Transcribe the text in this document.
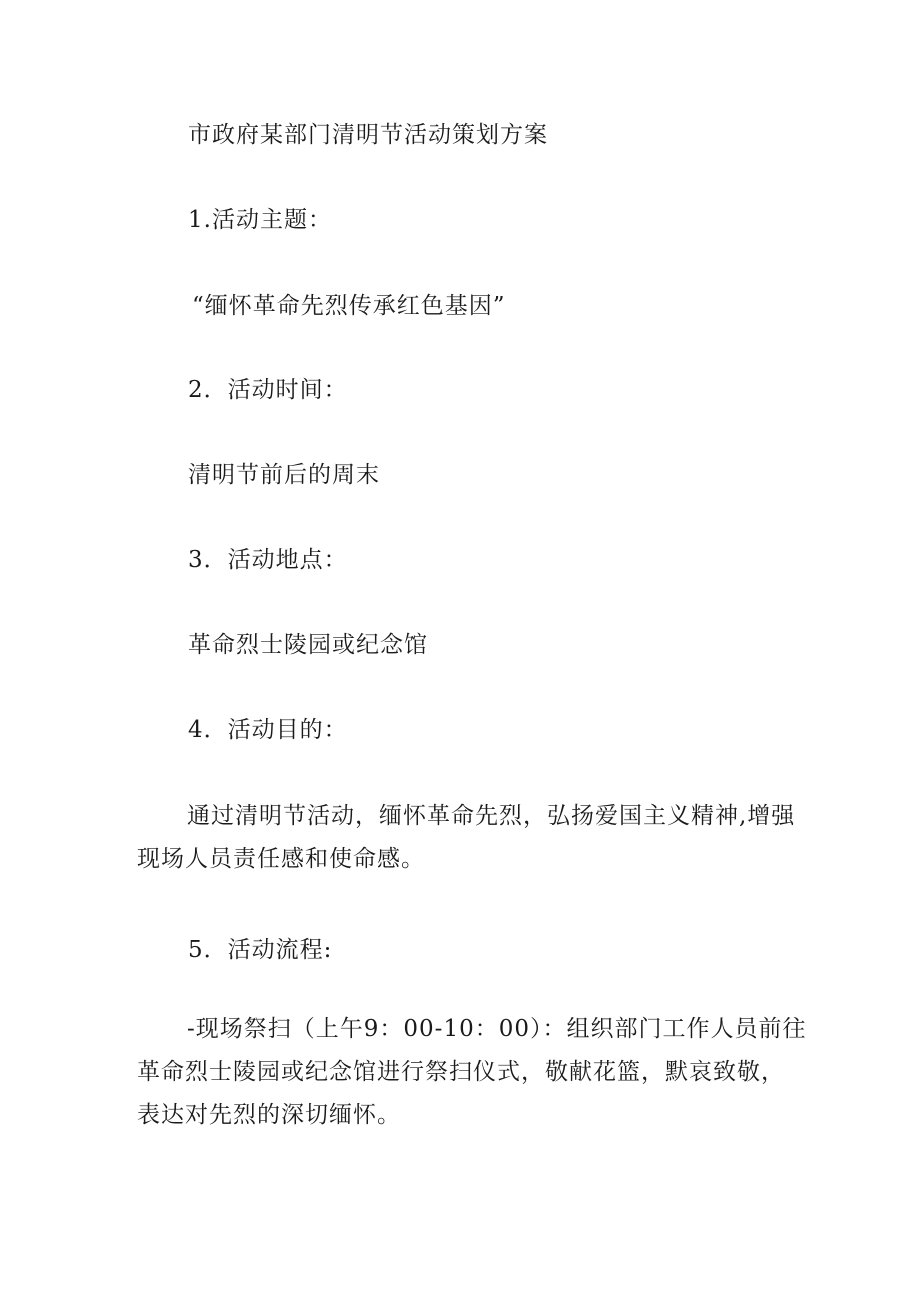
市政府某部门清明节活动策划方案
1.活动主题：
“缅怀革命先烈传承红色基因”
2．活动时间：
清明节前后的周末
3．活动地点：
革命烈士陵园或纪念馆
4．活动目的：
通过清明节活动，缅怀革命先烈，弘扬爱国主义精神,增强现场人员责任感和使命感。
5．活动流程:
-现场祭扫（上午9：00-10：00）：组织部门工作人员前往革命烈士陵园或纪念馆进行祭扫仪式，敬献花篮，默哀致敬，表达对先烈的深切缅怀。
